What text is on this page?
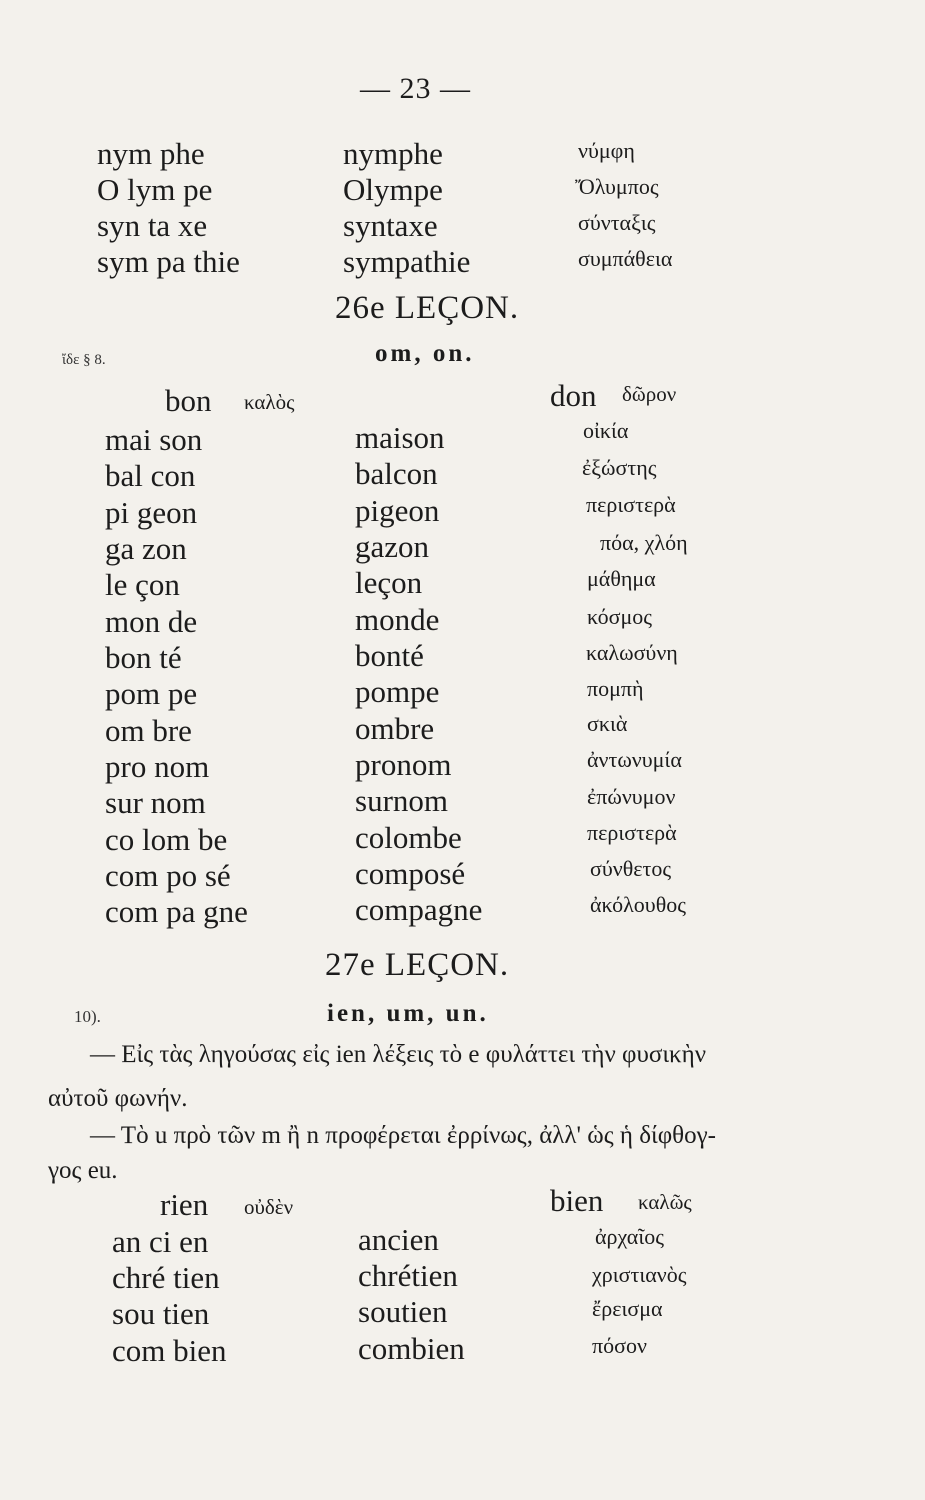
— 23 —
nym phe	nymphe	νύμφη
O lym pe	Olympe	Ὄλυμπος
syn ta xe	syntaxe	σύνταξις
sym pa thie	sympathie	συμπάθεια
26e LEÇON.
ἴδε § 8.	om, on.
bon καλὸς	don δῶρον
mai son	maison	οἰκία
bal con	balcon	ἐξώστης
pi geon	pigeon	περιστερὰ
ga zon	gazon	πόα, χλόη
le çon	leçon	μάθημα
mon de	monde	κόσμος
bon té	bonté	καλωσύνη
pom pe	pompe	πομπὴ
om bre	ombre	σκιὰ
pro nom	pronom	ἀντωνυμία
sur nom	surnom	ἐπώνυμον
co lom be	colombe	περιστερὰ
com po sé	composé	σύνθετος
com pa gne	compagne	ἀκόλουθος
27e LEÇON.
10).	ien, um, un.
— Εἰς τὰς ληγούσας εἰς ien λέξεις τὸ e φυλάττει τὴν φυσικὴν
αὐτοῦ φωνήν.
— Τὸ u πρὸ τῶν m ἢ n προφέρεται ἐρρίνως, ἀλλ' ὡς ἡ δίφθογ-
γος eu.
rien οὐδὲν	bien καλῶς
an ci en	ancien	ἀρχαῖος
chré tien	chrétien	χριστιανὸς
sou tien	soutien	ἔρεισμα
com bien	combien	πόσον
